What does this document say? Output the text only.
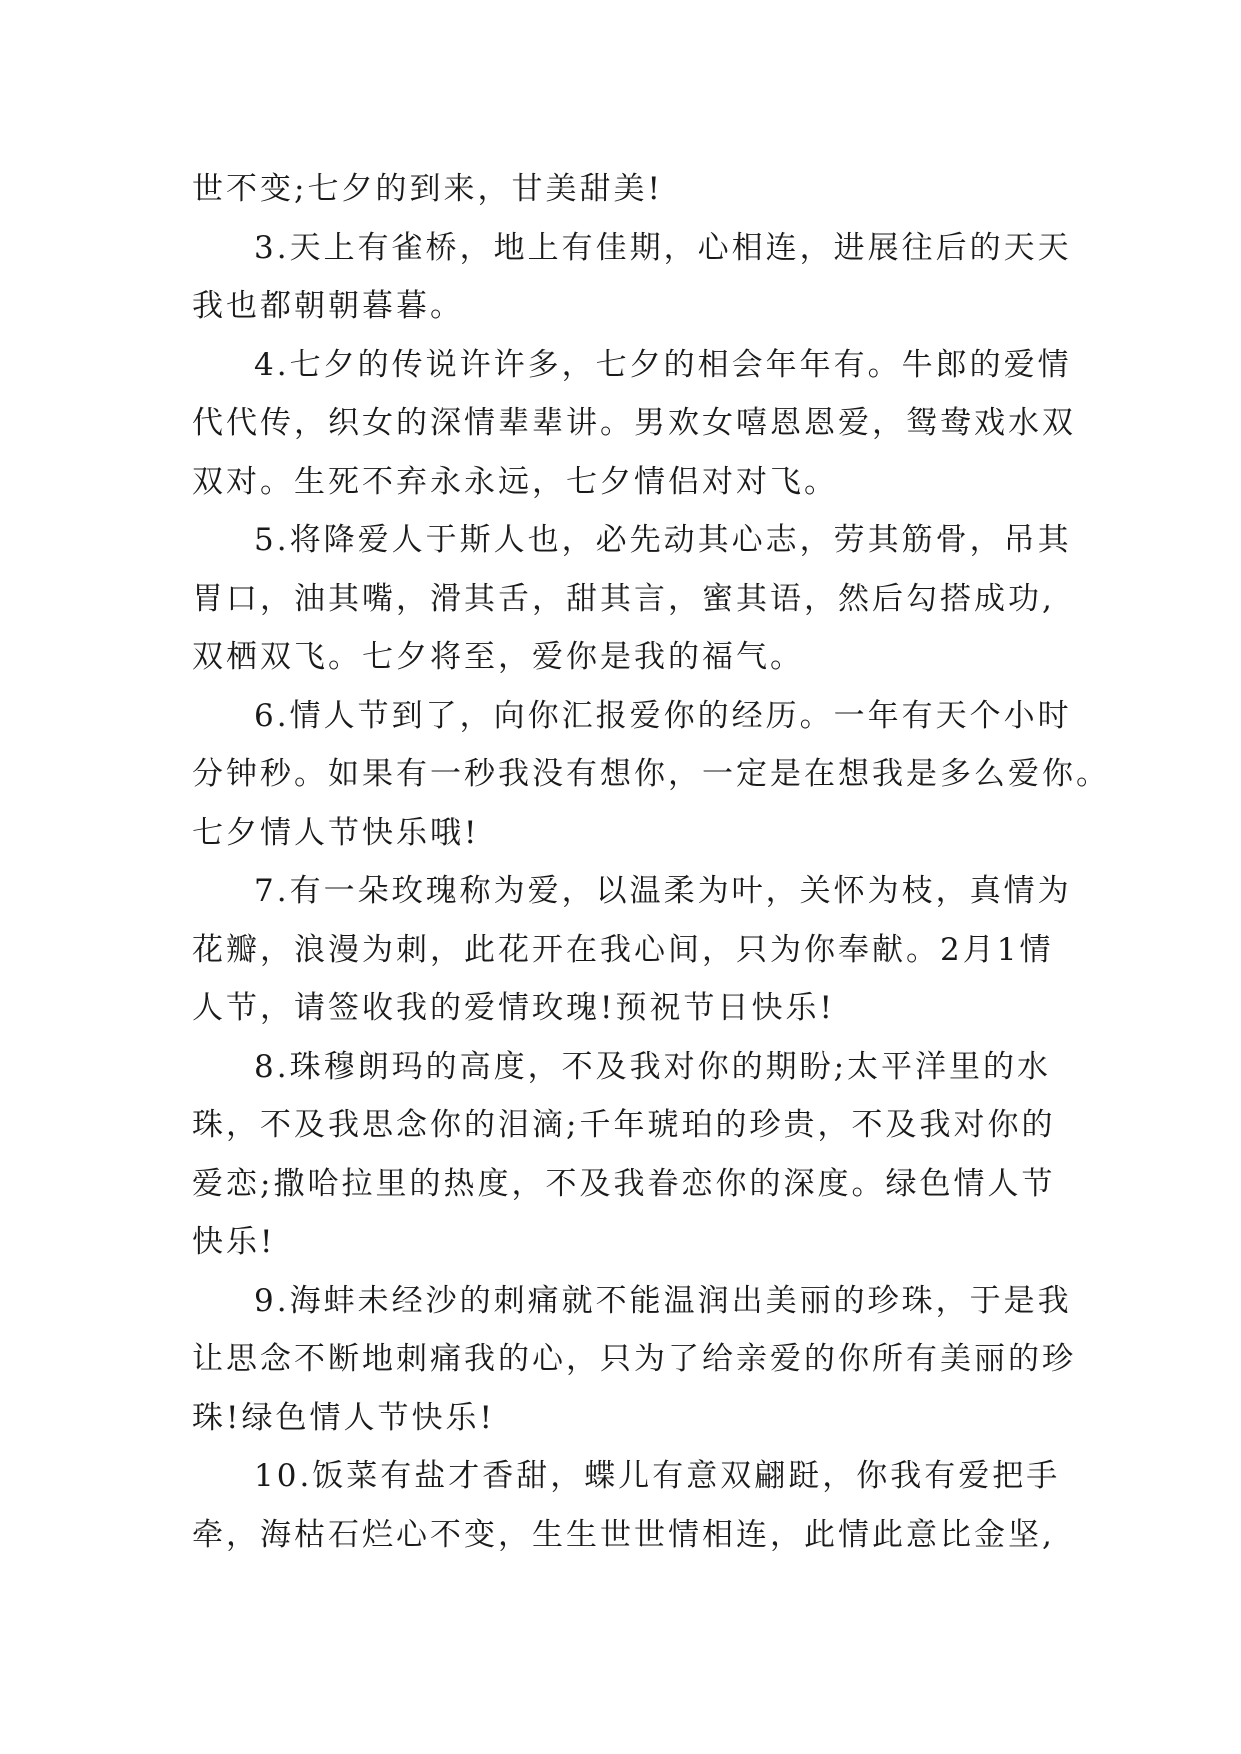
世不变;七夕的到来，甘美甜美!
3.天上有雀桥，地上有佳期，心相连，进展往后的天天
我也都朝朝暮暮。
4.七夕的传说许许多，七夕的相会年年有。牛郎的爱情
代代传，织女的深情辈辈讲。男欢女嘻恩恩爱，鸳鸯戏水双
双对。生死不弃永永远，七夕情侣对对飞。
5.将降爱人于斯人也，必先动其心志，劳其筋骨，吊其
胃口，油其嘴，滑其舌，甜其言，蜜其语，然后勾搭成功,
双栖双飞。七夕将至，爱你是我的福气。
6.情人节到了，向你汇报爱你的经历。一年有天个小时
分钟秒。如果有一秒我没有想你，一定是在想我是多么爱你。
七夕情人节快乐哦!
7.有一朵玫瑰称为爱，以温柔为叶，关怀为枝，真情为
花瓣，浪漫为刺，此花开在我心间，只为你奉献。2月1情
人节，请签收我的爱情玫瑰!预祝节日快乐!
8.珠穆朗玛的高度，不及我对你的期盼;太平洋里的水
珠，不及我思念你的泪滴;千年琥珀的珍贵，不及我对你的
爱恋;撒哈拉里的热度，不及我眷恋你的深度。绿色情人节
快乐!
9.海蚌未经沙的刺痛就不能温润出美丽的珍珠，于是我
让思念不断地刺痛我的心，只为了给亲爱的你所有美丽的珍
珠!绿色情人节快乐!
10.饭菜有盐才香甜，蝶儿有意双翩跹，你我有爱把手
牵，海枯石烂心不变，生生世世情相连，此情此意比金坚,
